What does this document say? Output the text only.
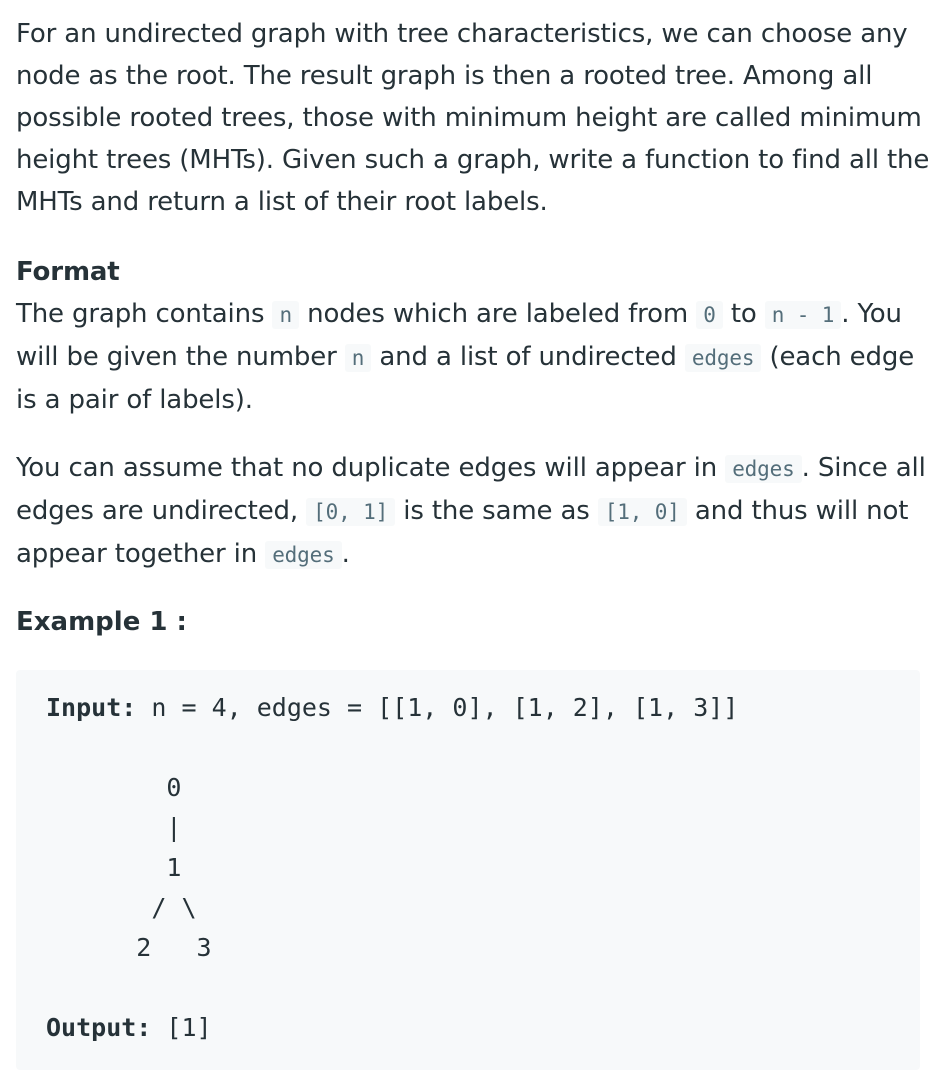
For an undirected graph with tree characteristics, we can choose any node as the root. The result graph is then a rooted tree. Among all possible rooted trees, those with minimum height are called minimum height trees (MHTs). Given such a graph, write a function to find all the MHTs and return a list of their root labels.

Format
The graph contains n nodes which are labeled from 0 to n - 1 . You will be given the number n and a list of undirected edges (each edge is a pair of labels).

You can assume that no duplicate edges will appear in edges . Since all edges are undirected, [0, 1] is the same as [1, 0] and thus will not appear together in edges .

Example 1 :
Input: n = 4, edges = [[1, 0], [1, 2], [1, 3]]

0
|
1
/ \
2   3

Output: [1]
